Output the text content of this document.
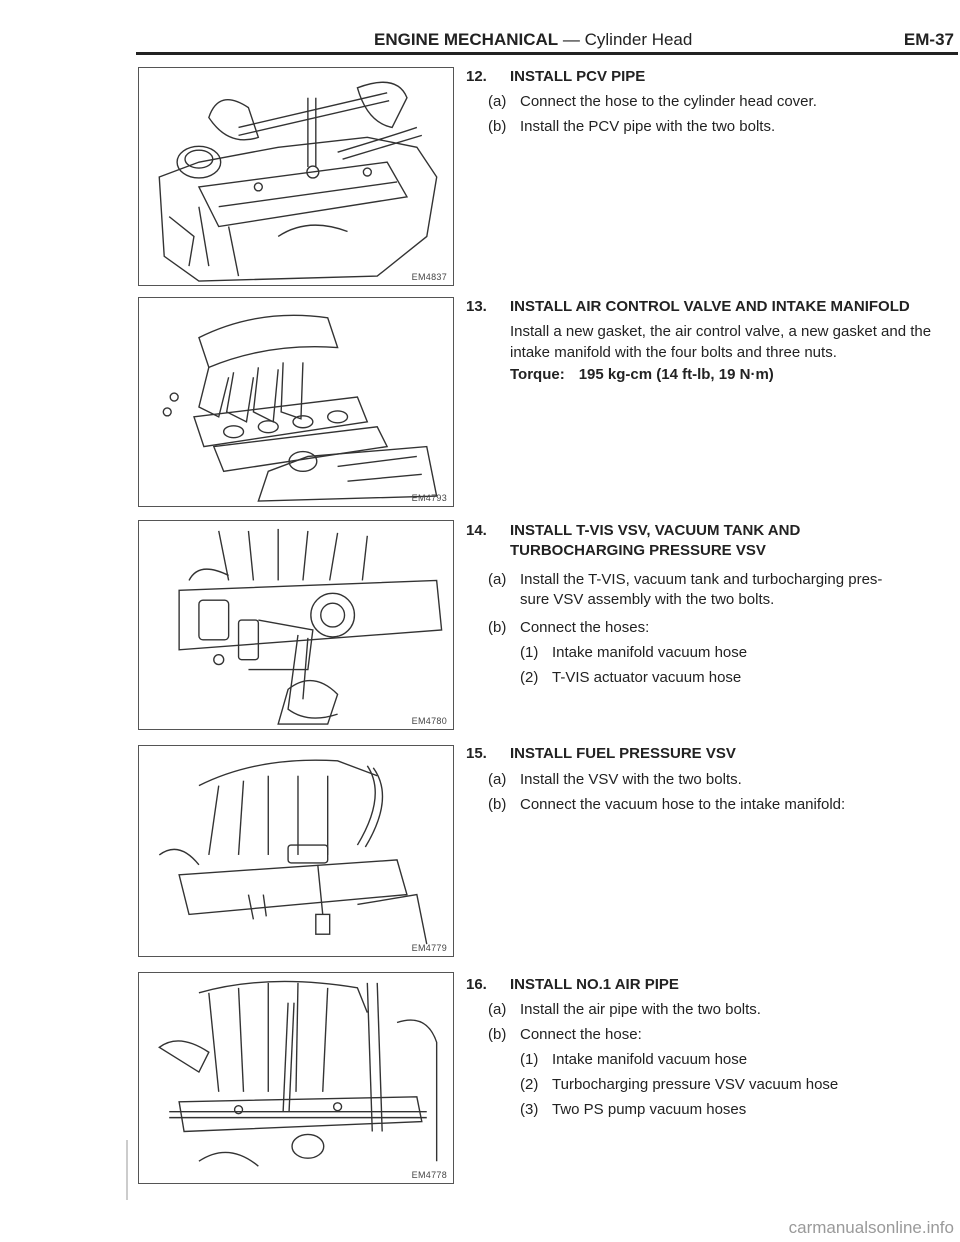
ENGINE MECHANICAL — Cylinder Head	EM-37
EM4837
EM4793
EM4780
EM4779
EM4778
12. INSTALL PCV PIPE
(a) Connect the hose to the cylinder head cover.
(b) Install the PCV pipe with the two bolts.
13. INSTALL AIR CONTROL VALVE AND INTAKE MANIFOLD
Install a new gasket, the air control valve, a new gasket and the intake manifold with the four bolts and three nuts.
Torque: 195 kg-cm (14 ft-lb, 19 N·m)
14. INSTALL T-VIS VSV, VACUUM TANK AND
TURBOCHARGING PRESSURE VSV
(a) Install the T-VIS, vacuum tank and turbocharging pres-
sure VSV assembly with the two bolts.
(b) Connect the hoses:
(1) Intake manifold vacuum hose
(2) T-VIS actuator vacuum hose
15. INSTALL FUEL PRESSURE VSV
(a) Install the VSV with the two bolts.
(b) Connect the vacuum hose to the intake manifold:
16. INSTALL NO.1 AIR PIPE
(a) Install the air pipe with the two bolts.
(b) Connect the hose:
(1) Intake manifold vacuum hose
(2) Turbocharging pressure VSV vacuum hose
(3) Two PS pump vacuum hoses
carmanualsonline.info
